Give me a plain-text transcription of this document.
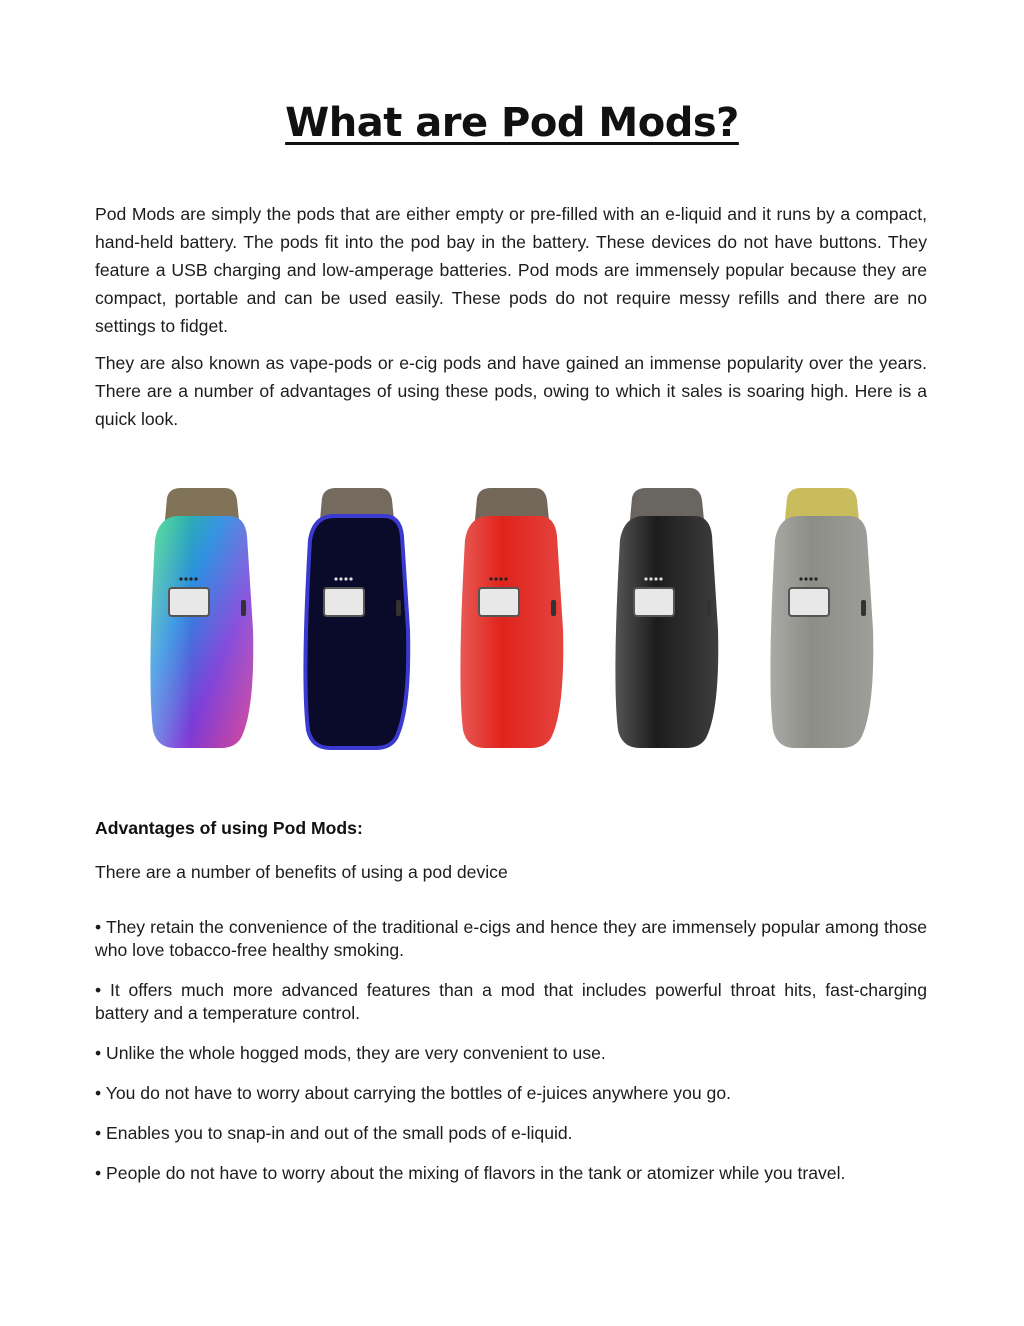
What are Pod Mods?

Pod Mods are simply the pods that are either empty or pre-filled with an e-liquid and it runs by a compact, hand-held battery. The pods fit into the pod bay in the battery. These devices do not have buttons. They feature a USB charging and low-amperage batteries. Pod mods are immensely popular because they are compact, portable and can be used easily. These pods do not require messy refills and there are no settings to fidget.

They are also known as vape-pods or e-cig pods and have gained an immense popularity over the years. There are a number of advantages of using these pods, owing to which it sales is soaring high. Here is a quick look.

Advantages of using Pod Mods:

There are a number of benefits of using a pod device

• They retain the convenience of the traditional e-cigs and hence they are immensely popular among those who love tobacco-free healthy smoking.
• It offers much more advanced features than a mod that includes powerful throat hits, fast-charging battery and a temperature control.
• Unlike the whole hogged mods, they are very convenient to use.
• You do not have to worry about carrying the bottles of e-juices anywhere you go.
• Enables you to snap-in and out of the small pods of e-liquid.
• People do not have to worry about the mixing of flavors in the tank or atomizer while you travel.
